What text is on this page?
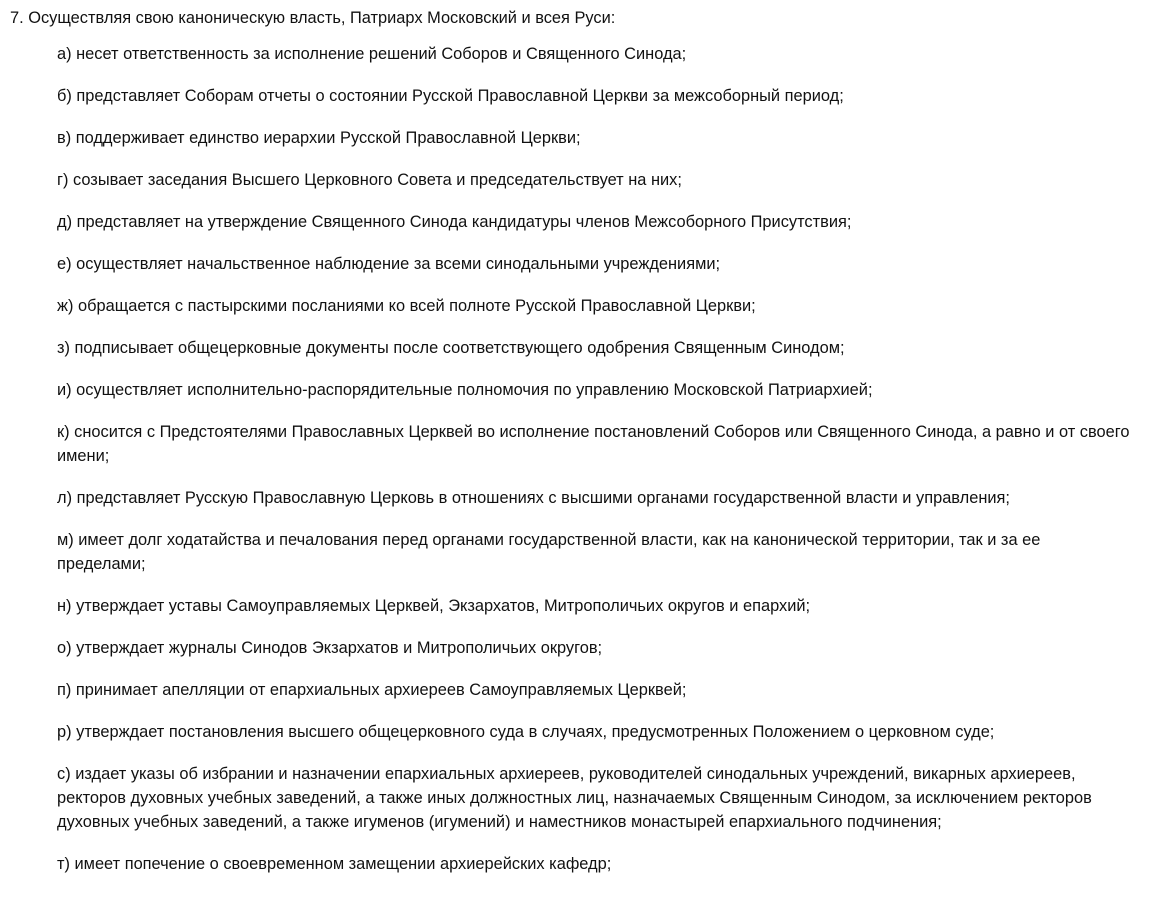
7. Осуществляя свою каноническую власть, Патриарх Московский и всея Руси:

а) несет ответственность за исполнение решений Соборов и Священного Синода;
б) представляет Соборам отчеты о состоянии Русской Православной Церкви за межсоборный период;
в) поддерживает единство иерархии Русской Православной Церкви;
г) созывает заседания Высшего Церковного Совета и председательствует на них;
д) представляет на утверждение Священного Синода кандидатуры членов Межсоборного Присутствия;
е) осуществляет начальственное наблюдение за всеми синодальными учреждениями;
ж) обращается с пастырскими посланиями ко всей полноте Русской Православной Церкви;
з) подписывает общецерковные документы после соответствующего одобрения Священным Синодом;
и) осуществляет исполнительно-распорядительные полномочия по управлению Московской Патриархией;
к) сносится с Предстоятелями Православных Церквей во исполнение постановлений Соборов или Священного Синода, а равно и от своего имени;
л) представляет Русскую Православную Церковь в отношениях с высшими органами государственной власти и управления;
м) имеет долг ходатайства и печалования перед органами государственной власти, как на канонической территории, так и за ее пределами;
н) утверждает уставы Самоуправляемых Церквей, Экзархатов, Митрополичьих округов и епархий;
о) утверждает журналы Синодов Экзархатов и Митрополичьих округов;
п) принимает апелляции от епархиальных архиереев Самоуправляемых Церквей;
р) утверждает постановления высшего общецерковного суда в случаях, предусмотренных Положением о церковном суде;
с) издает указы об избрании и назначении епархиальных архиереев, руководителей синодальных учреждений, викарных архиереев, ректоров духовных учебных заведений, а также иных должностных лиц, назначаемых Священным Синодом, за исключением ректоров духовных учебных заведений, а также игуменов (игумений) и наместников монастырей епархиального подчинения;
т) имеет попечение о своевременном замещении архиерейских кафедр;
